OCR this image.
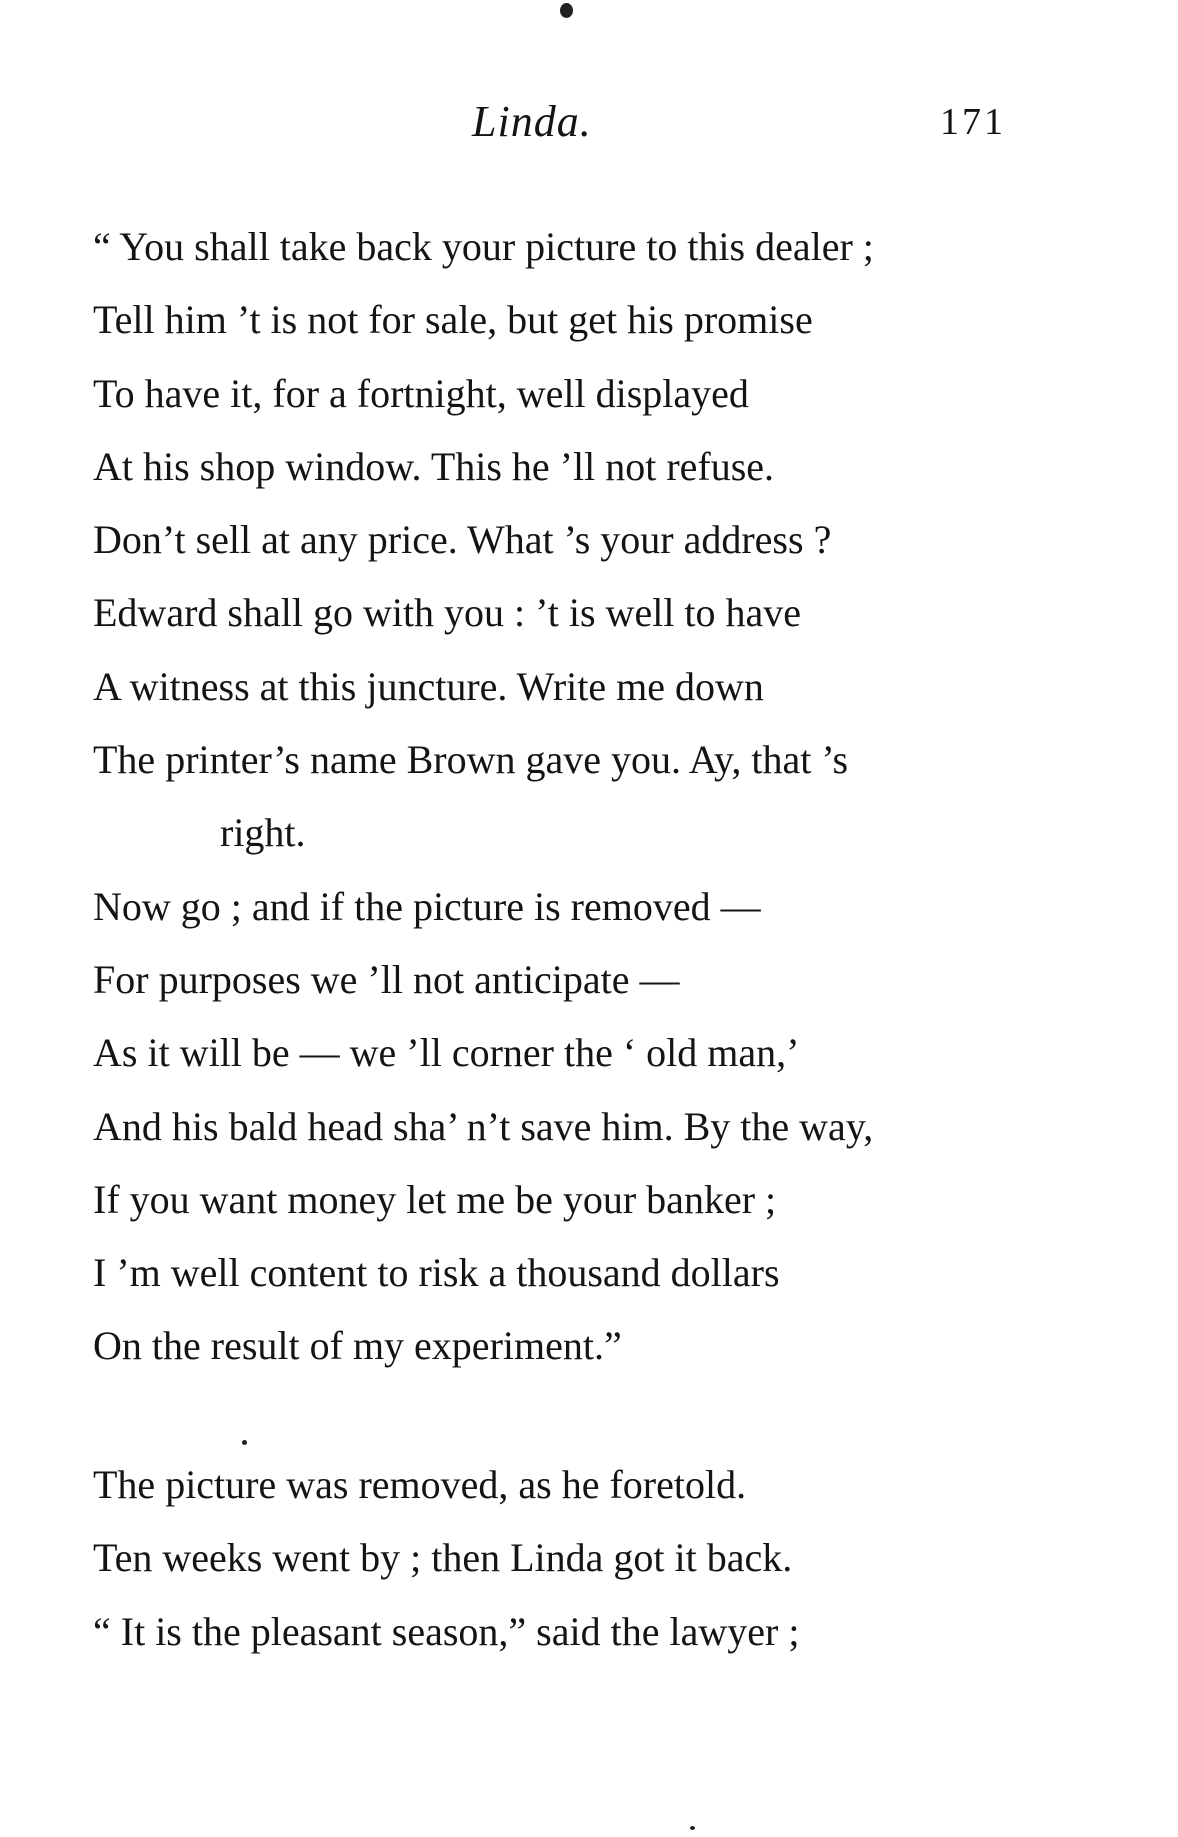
Linda.	171
“ You shall take back your picture to this dealer ;
Tell him ’t is not for sale, but get his promise
To have it, for a fortnight, well displayed
At his shop window. This he ’ll not refuse.
Don’t sell at any price. What ’s your address ?
Edward shall go with you : ’t is well to have
A witness at this juncture. Write me down
The printer’s name Brown gave you. Ay, that ’s
right.
Now go ; and if the picture is removed —
For purposes we ’ll not anticipate —
As it will be — we ’ll corner the ‘ old man,’
And his bald head sha’ n’t save him. By the way,
If you want money let me be your banker ;
I ’m well content to risk a thousand dollars
On the result of my experiment.”
The picture was removed, as he foretold.
Ten weeks went by ; then Linda got it back.
“ It is the pleasant season,” said the lawyer ;
